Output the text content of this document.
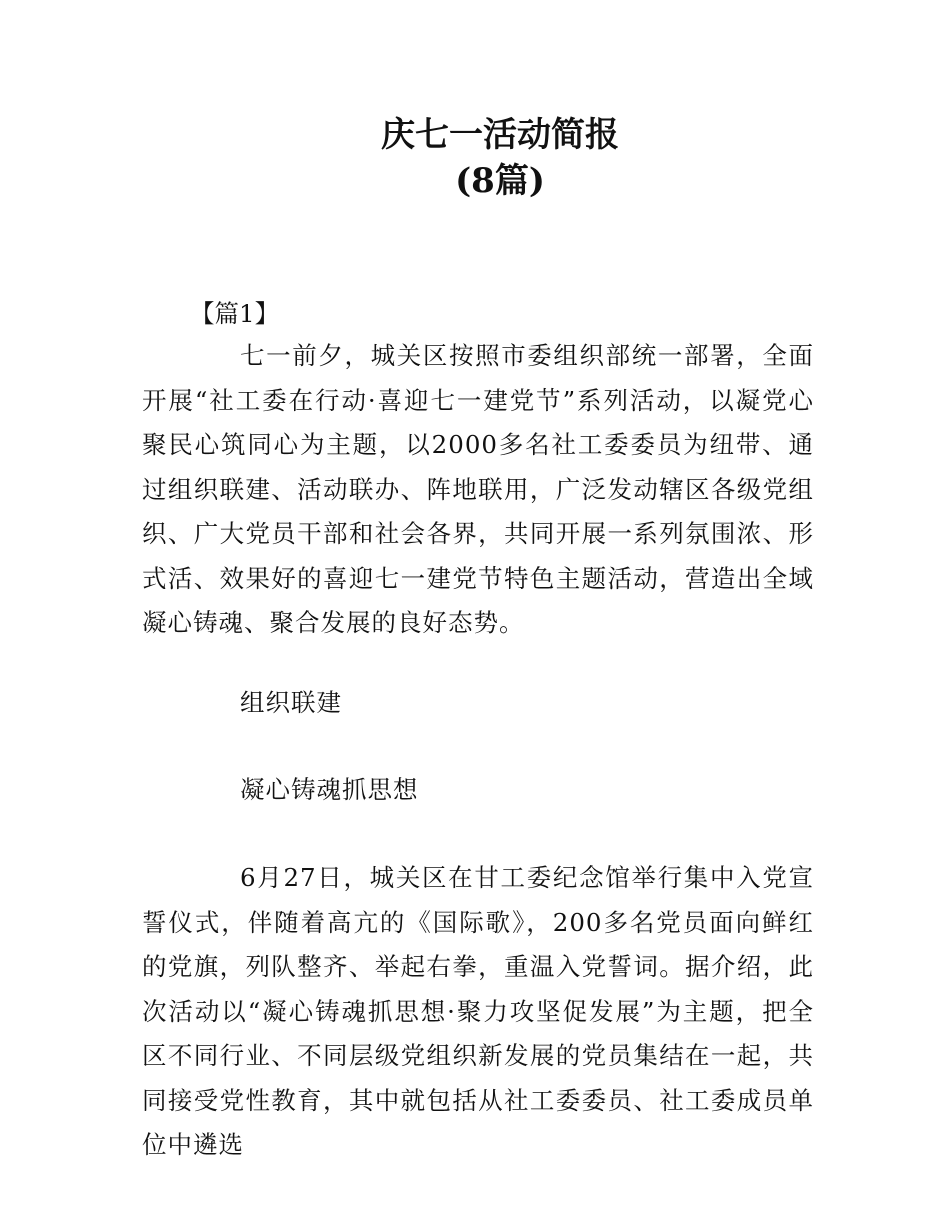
庆七一活动简报
(8篇)
【篇1】
七一前夕，城关区按照市委组织部统一部署，全面开展“社工委在行动·喜迎七一建党节”系列活动，以凝党心聚民心筑同心为主题，以2000多名社工委委员为纽带、通过组织联建、活动联办、阵地联用，广泛发动辖区各级党组织、广大党员干部和社会各界，共同开展一系列氛围浓、形式活、效果好的喜迎七一建党节特色主题活动，营造出全域凝心铸魂、聚合发展的良好态势。
组织联建
凝心铸魂抓思想
6月27日，城关区在甘工委纪念馆举行集中入党宣誓仪式，伴随着高亢的《国际歌》，200多名党员面向鲜红的党旗，列队整齐、举起右拳，重温入党誓词。据介绍，此次活动以“凝心铸魂抓思想·聚力攻坚促发展”为主题，把全区不同行业、不同层级党组织新发展的党员集结在一起，共同接受党性教育，其中就包括从社工委委员、社工委成员单位中遴选
